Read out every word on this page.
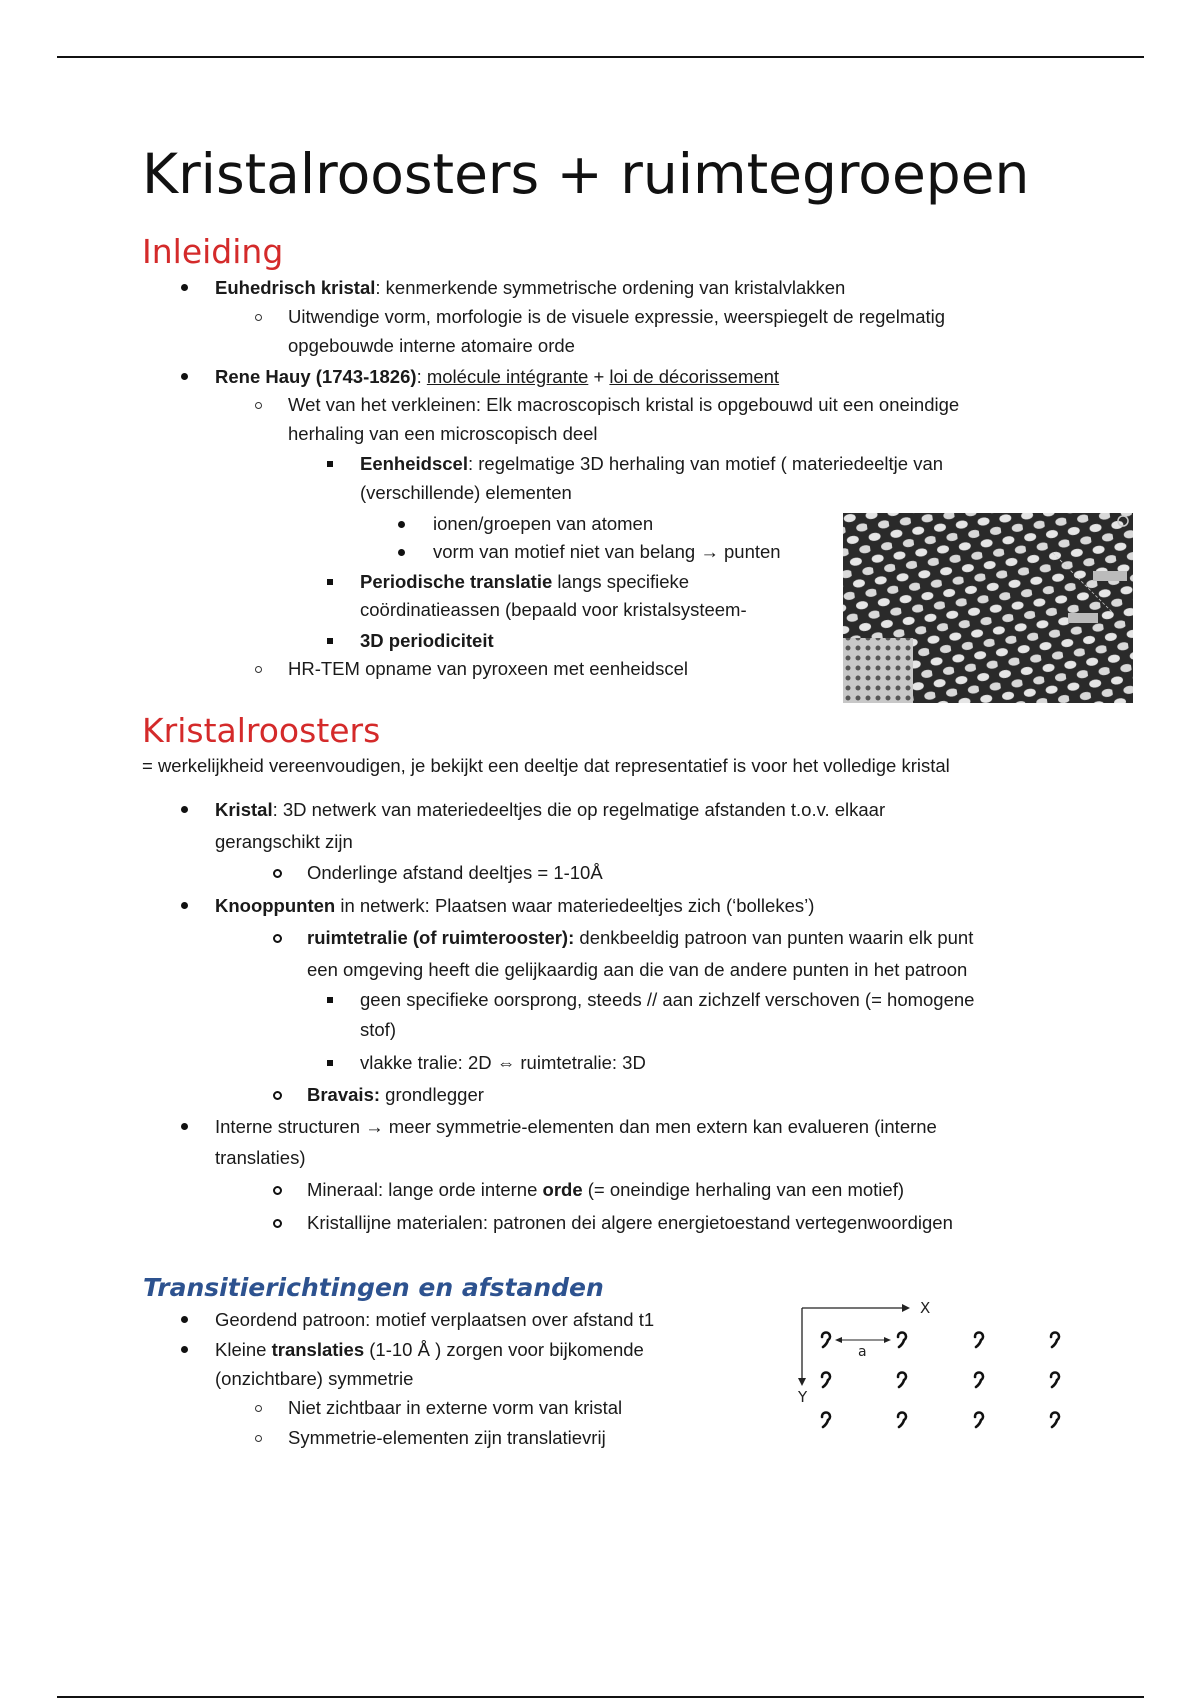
Kristalroosters + ruimtegroepen
Inleiding
Euhedrisch kristal: kenmerkende symmetrische ordening van kristalvlakken
Uitwendige vorm, morfologie is de visuele expressie, weerspiegelt de regelmatig
opgebouwde interne atomaire orde
Rene Hauy (1743-1826): molécule intégrante + loi de décorissement
Wet van het verkleinen: Elk macroscopisch kristal is opgebouwd uit een oneindige
herhaling van een microscopisch deel
Eenheidscel: regelmatige 3D herhaling van motief ( materiedeeltje van
(verschillende) elementen
ionen/groepen van atomen
vorm van motief niet van belang → punten
Periodische translatie langs specifieke
coördinatieassen (bepaald voor kristalsysteem-
3D periodiciteit
HR-TEM opname van pyroxeen met eenheidscel
Kristalroosters
= werkelijkheid vereenvoudigen, je bekijkt een deeltje dat representatief is voor het volledige kristal
Kristal: 3D netwerk van materiedeeltjes die op regelmatige afstanden t.o.v. elkaar
gerangschikt zijn
Onderlinge afstand deeltjes = 1-10Å
Knooppunten in netwerk: Plaatsen waar materiedeeltjes zich (‘bollekes’)
ruimtetralie (of ruimterooster): denkbeeldig patroon van punten waarin elk punt
een omgeving heeft die gelijkaardig aan die van de andere punten in het patroon
geen specifieke oorsprong, steeds // aan zichzelf verschoven (= homogene
stof)
vlakke tralie: 2D ⇔ ruimtetralie: 3D
Bravais: grondlegger
Interne structuren → meer symmetrie-elementen dan men extern kan evalueren (interne
translaties)
Mineraal: lange orde interne orde (= oneindige herhaling van een motief)
Kristallijne materialen: patronen dei algere energietoestand vertegenwoordigen
Transitierichtingen en afstanden
Geordend patroon: motief verplaatsen over afstand t1
Kleine translaties (1-10 Å ) zorgen voor bijkomende
(onzichtbare) symmetrie
Niet zichtbaar in externe vorm van kristal
Symmetrie-elementen zijn translatievrij
X
Y
a
